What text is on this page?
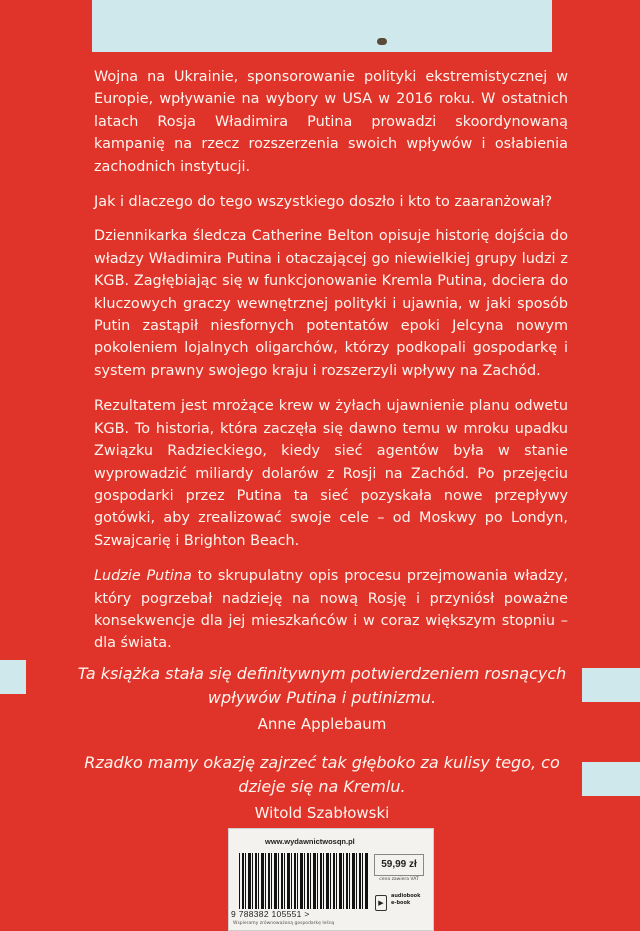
Wojna na Ukrainie, sponsorowanie polityki ekstremistycznej w Europie, wpływanie na wybory w USA w 2016 roku. W ostatnich latach Rosja Władimira Putina prowadzi skoordynowaną kampanię na rzecz rozszerzenia swoich wpływów i osłabienia zachodnich instytucji.

Jak i dlaczego do tego wszystkiego doszło i kto to zaaranżował?

Dziennikarka śledcza Catherine Belton opisuje historię dojścia do władzy Władimira Putina i otaczającej go niewielkiej grupy ludzi z KGB. Zagłębiając się w funkcjonowanie Kremla Putina, dociera do kluczowych graczy wewnętrznej polityki i ujawnia, w jaki sposób Putin zastąpił niesfornych potentatów epoki Jelcyna nowym pokoleniem lojalnych oligarchów, którzy podkopali gospodarkę i system prawny swojego kraju i rozszerzyli wpływy na Zachód.

Rezultatem jest mrożące krew w żyłach ujawnienie planu odwetu KGB. To historia, która zaczęła się dawno temu w mroku upadku Związku Radzieckiego, kiedy sieć agentów była w stanie wyprowadzić miliardy dolarów z Rosji na Zachód. Po przejęciu gospodarki przez Putina ta sieć pozyskała nowe przepływy gotówki, aby zrealizować swoje cele – od Moskwy po Londyn, Szwajcarię i Brighton Beach.

Ludzie Putina to skrupulatny opis procesu przejmowania władzy, który pogrzebał nadzieję na nową Rosję i przyniósł poważne konsekwencje dla jej mieszkańców i w coraz większym stopniu – dla świata.

Ta książka stała się definitywnym potwierdzeniem rosnących wpływów Putina i putinizmu.

Anne Applebaum

Rzadko mamy okazję zajrzeć tak głęboko za kulisy tego, co dzieje się na Kremlu.

Witold Szabłowski

www.wydawnictwosqn.pl
9 788382 105551 >
59,99 zł
cena zawiera VAT
▶
audiobook
e-book
Wspieramy zrównoważoną gospodarkę leśną
